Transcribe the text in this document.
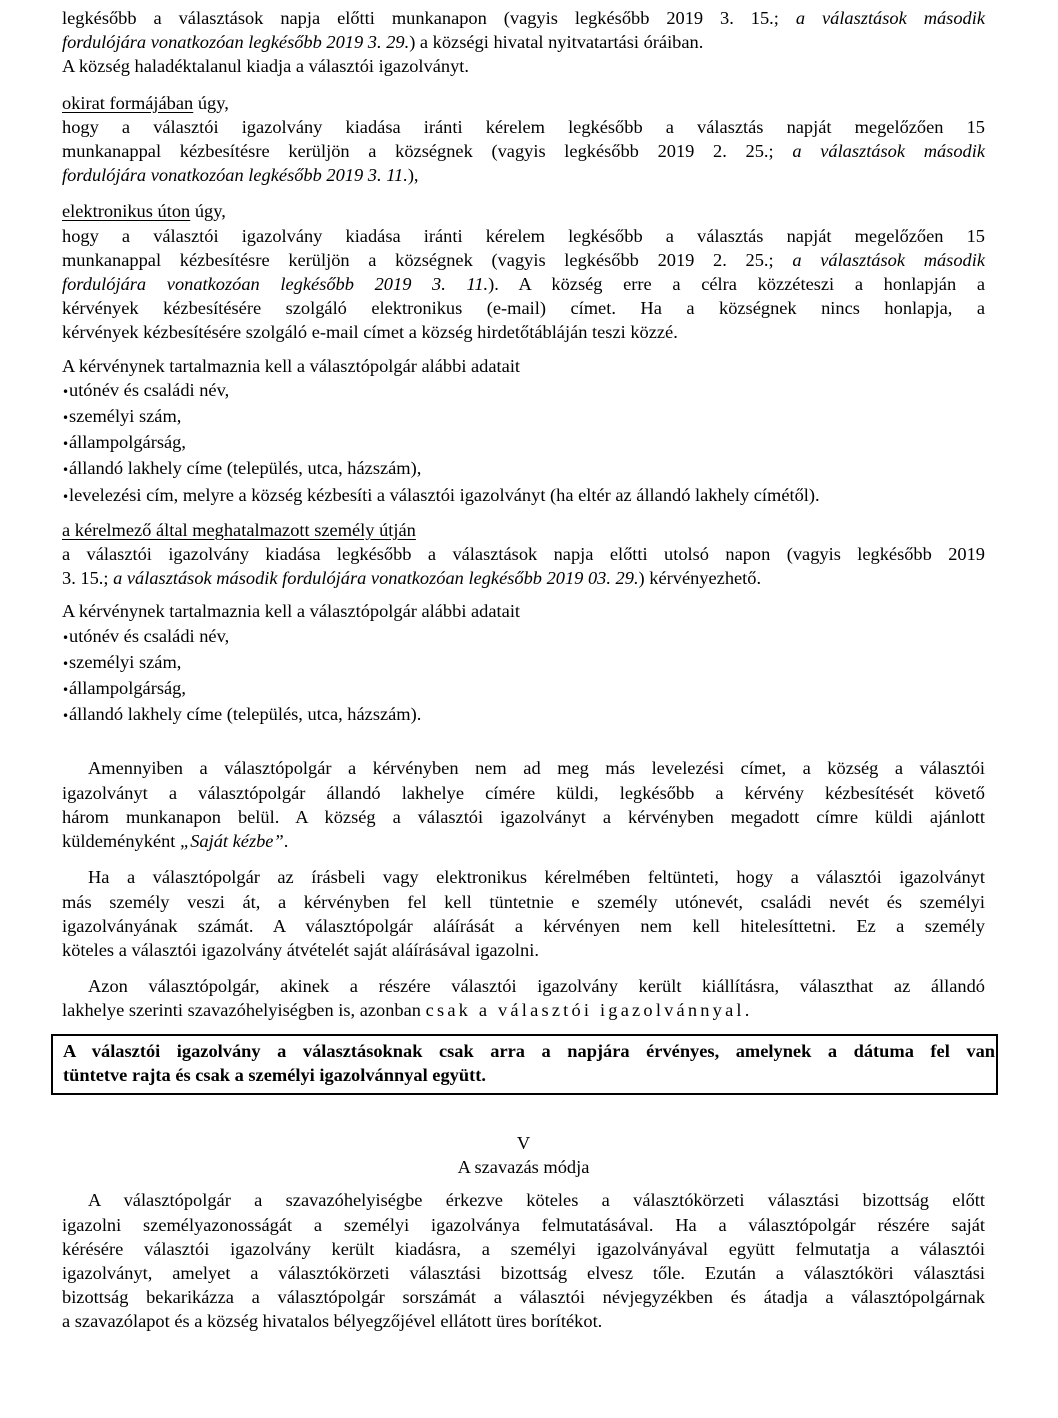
legkésőbb a választások napja előtti munkanapon (vagyis legkésőbb 2019 3. 15.; a választások második

fordulójára vonatkozóan legkésőbb 2019 3. 29.) a községi hivatal nyitvatartási óráiban.

A község haladéktalanul kiadja a választói igazolványt.

okirat formájában úgy,

hogy a választói igazolvány kiadása iránti kérelem legkésőbb a választás napját megelőzően 15

munkanappal kézbesítésre kerüljön a községnek (vagyis legkésőbb 2019 2. 25.; a választások második

fordulójára vonatkozóan legkésőbb 2019 3. 11.),

elektronikus úton úgy,

hogy a választói igazolvány kiadása iránti kérelem legkésőbb a választás napját megelőzően 15

munkanappal kézbesítésre kerüljön a községnek (vagyis legkésőbb 2019 2. 25.; a választások második

fordulójára vonatkozóan legkésőbb 2019 3. 11.). A község erre a célra közzéteszi a honlapján a

kérvények kézbesítésére szolgáló elektronikus (e-mail) címet. Ha a községnek nincs honlapja, a

kérvények kézbesítésére szolgáló e-mail címet a község hirdetőtábláján teszi közzé.

A kérvénynek tartalmaznia kell a választópolgár alábbi adatait

•utónév és családi név,
•személyi szám,
•állampolgárság,
•állandó lakhely címe (település, utca, házszám),
•levelezési cím, melyre a község kézbesíti a választói igazolványt (ha eltér az állandó lakhely címétől).

a kérelmező által meghatalmazott személy útján

a választói igazolvány kiadása legkésőbb a választások napja előtti utolsó napon (vagyis legkésőbb 2019

3. 15.; a választások második fordulójára vonatkozóan legkésőbb 2019 03. 29.) kérvényezhető.

A kérvénynek tartalmaznia kell a választópolgár alábbi adatait

•utónév és családi név,
•személyi szám,
•állampolgárság,
•állandó lakhely címe (település, utca, házszám).

Amennyiben a választópolgár a kérvényben nem ad meg más levelezési címet, a község a választói

igazolványt a választópolgár állandó lakhelye címére küldi, legkésőbb a kérvény kézbesítését követő

három munkanapon belül. A község a választói igazolványt a kérvényben megadott címre küldi ajánlott

küldeményként „Saját kézbe”.

Ha a választópolgár az írásbeli vagy elektronikus kérelmében feltünteti, hogy a választói igazolványt

más személy veszi át, a kérvényben fel kell tüntetnie e személy utónevét, családi nevét és személyi

igazolványának számát. A választópolgár aláírását a kérvényen nem kell hitelesíttetni. Ez a személy

köteles a választói igazolvány átvételét saját aláírásával igazolni.

Azon választópolgár, akinek a részére választói igazolvány került kiállításra, választhat az állandó

lakhelye szerinti szavazóhelyiségben is, azonban csak a választói igazolvánnyal.

A választói igazolvány a választásoknak csak arra a napjára érvényes, amelynek a dátuma fel van

tüntetve rajta és csak a személyi igazolvánnyal együtt.

V

A szavazás módja

A választópolgár a szavazóhelyiségbe érkezve köteles a választókörzeti választási bizottság előtt

igazolni személyazonosságát a személyi igazolványa felmutatásával. Ha a választópolgár részére saját

kérésére választói igazolvány került kiadásra, a személyi igazolványával együtt felmutatja a választói

igazolványt, amelyet a választókörzeti választási bizottság elvesz tőle. Ezután a választóköri választási

bizottság bekarikázza a választópolgár sorszámát a választói névjegyzékben és átadja a választópolgárnak

a szavazólapot és a község hivatalos bélyegzőjével ellátott üres borítékot.
